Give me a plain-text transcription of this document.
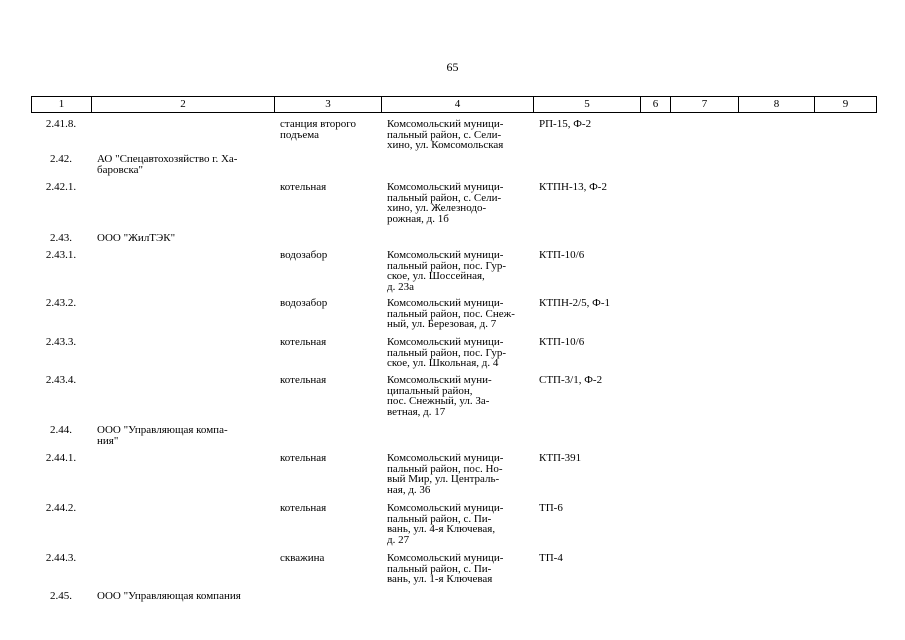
65
1	2	3	4	5	6	7	8	9
2.41.8.		станция второго
подъема	Комсомольский муници-
пальный район, с. Сели-
хино, ул. Комсомольская	РП-15, Ф-2				
2.42.	АО "Спецавтохозяйство г. Ха-
баровска"							
2.42.1.		котельная	Комсомольский муници-
пальный район, с. Сели-
хино, ул. Железнодо-
рожная, д. 1б	КТПН-13, Ф-2				
2.43.	ООО "ЖилТЭК"							
2.43.1.		водозабор	Комсомольский муници-
пальный район, пос. Гур-
ское, ул. Шоссейная,
д. 23а	КТП-10/6				
2.43.2.		водозабор	Комсомольский муници-
пальный район, пос. Снеж-
ный, ул. Березовая, д. 7	КТПН-2/5, Ф-1				
2.43.3.		котельная	Комсомольский муници-
пальный район, пос. Гур-
ское, ул. Школьная, д. 4	КТП-10/6				
2.43.4.		котельная	Комсомольский муни-
ципальный район,
пос. Снежный, ул. За-
ветная, д. 17	СТП-3/1, Ф-2				
2.44.	ООО "Управляющая компа-
ния"							
2.44.1.		котельная	Комсомольский муници-
пальный район, пос. Но-
вый Мир, ул. Централь-
ная, д. 36	КТП-391				
2.44.2.		котельная	Комсомольский муници-
пальный район, с. Пи-
вань, ул. 4-я Ключевая,
д. 27	ТП-6				
2.44.3.		скважина	Комсомольский муници-
пальный район, с. Пи-
вань, ул. 1-я Ключевая	ТП-4				
2.45.	ООО "Управляющая компания							
